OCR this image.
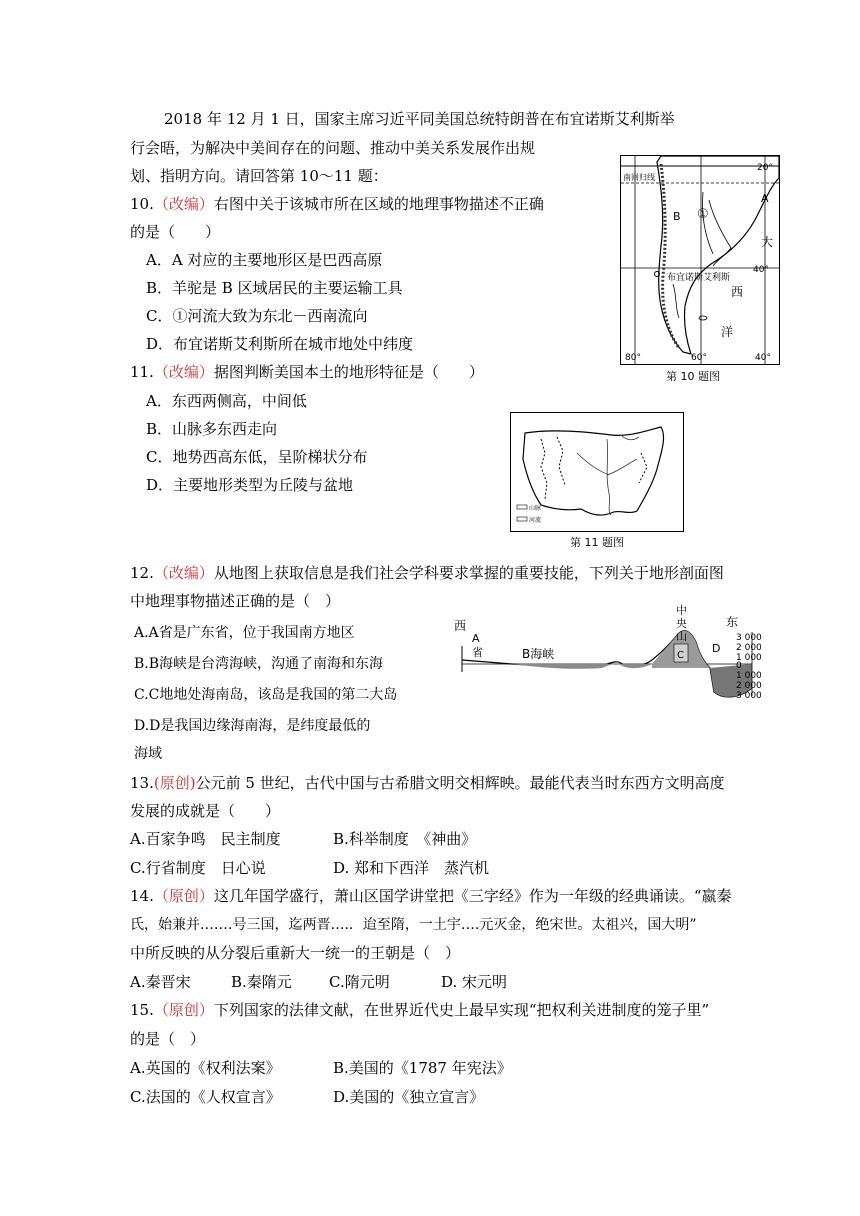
2018 年 12 月 1 日，国家主席习近平同美国总统特朗普在布宜诺斯艾利斯举
行会晤，为解决中美间存在的问题、推动中美关系发展作出规
划、指明方向。请回答第 10～11 题：
10.（改编）右图中关于该城市所在区域的地理事物描述不正确
的是（　　）
A．A 对应的主要地形区是巴西高原
B．羊驼是 B 区域居民的主要运输工具
C．①河流大致为东北－西南流向
D．布宜诺斯艾利斯所在城市地处中纬度
20°
南回归线
A
B ①
大
40°
布宜诺斯艾利斯
西
洋
80°	60°	40°
第 10 题图
11.（改编）据图判断美国本土的地形特征是（　　）
A．东西两侧高，中间低
B．山脉多东西走向
C．地势西高东低，呈阶梯状分布
D．主要地形类型为丘陵与盆地
山脉
河流
第 11 题图
12.（改编）从地图上获取信息是我们社会学科要求掌握的重要技能，下列关于地形剖面图
中地理事物描述正确的是（　）
A.A省是广东省，位于我国南方地区
B.B海峡是台湾海峡，沟通了南海和东海
C.C地地处海南岛，该岛是我国的第二大岛
D.D是我国边缘海南海，是纬度最低的
海域
西
A
省	B海峡
中
央
山
C
D
东
3 000
2 000
1 000
0
1 000
2 000
3 000
13.(原创)公元前 5 世纪，古代中国与古希腊文明交相辉映。最能代表当时东西方文明高度
发展的成就是（　　）
A.百家争鸣　民主制度	B.科举制度　《神曲》
C.行省制度　日心说	D. 郑和下西洋　蒸汽机
14.（原创）这几年国学盛行，萧山区国学讲堂把《三字经》作为一年级的经典诵读。“嬴秦
氏，始兼并.……号三国，迄两晋….．迨至隋，一土宇….元灭金，绝宋世。太祖兴，国大明”
中所反映的从分裂后重新大一统一的王朝是（　）
A.秦晋宋	B.秦隋元 C.隋元明	D. 宋元明
15.（原创）下列国家的法律文献，在世界近代史上最早实现“把权利关进制度的笼子里”
的是（　）
A.英国的《权利法案》	B.美国的《1787 年宪法》
C.法国的《人权宣言》	D.美国的《独立宣言》
